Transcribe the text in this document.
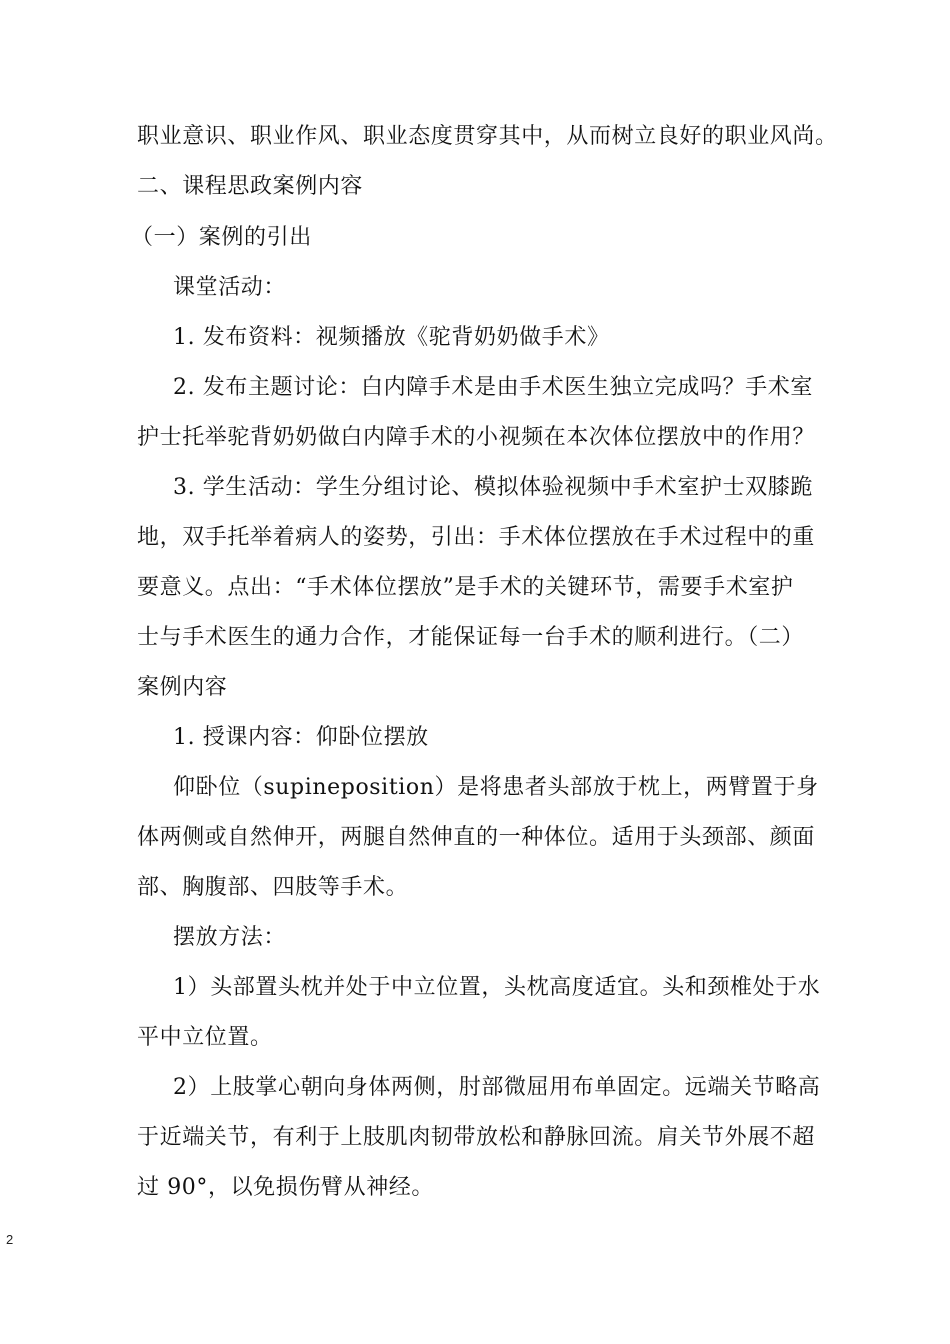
职业意识、职业作风、职业态度贯穿其中，从而树立良好的职业风尚。
二、课程思政案例内容
（一）案例的引出
课堂活动：
1. 发布资料：视频播放《驼背奶奶做手术》
2. 发布主题讨论：白内障手术是由手术医生独立完成吗？手术室
护士托举驼背奶奶做白内障手术的小视频在本次体位摆放中的作用？
3. 学生活动：学生分组讨论、模拟体验视频中手术室护士双膝跪
地，双手托举着病人的姿势，引出：手术体位摆放在手术过程中的重
要意义。点出：“手术体位摆放”是手术的关键环节，需要手术室护
士与手术医生的通力合作，才能保证每一台手术的顺利进行。（二）
案例内容
1. 授课内容：仰卧位摆放
仰卧位（supineposition）是将患者头部放于枕上，两臂置于身
体两侧或自然伸开，两腿自然伸直的一种体位。适用于头颈部、颜面
部、胸腹部、四肢等手术。
摆放方法：
1）头部置头枕并处于中立位置，头枕高度适宜。头和颈椎处于水
平中立位置。
2）上肢掌心朝向身体两侧，肘部微屈用布单固定。远端关节略高
于近端关节，有利于上肢肌肉韧带放松和静脉回流。肩关节外展不超
过 90°，以免损伤臂从神经。
2
